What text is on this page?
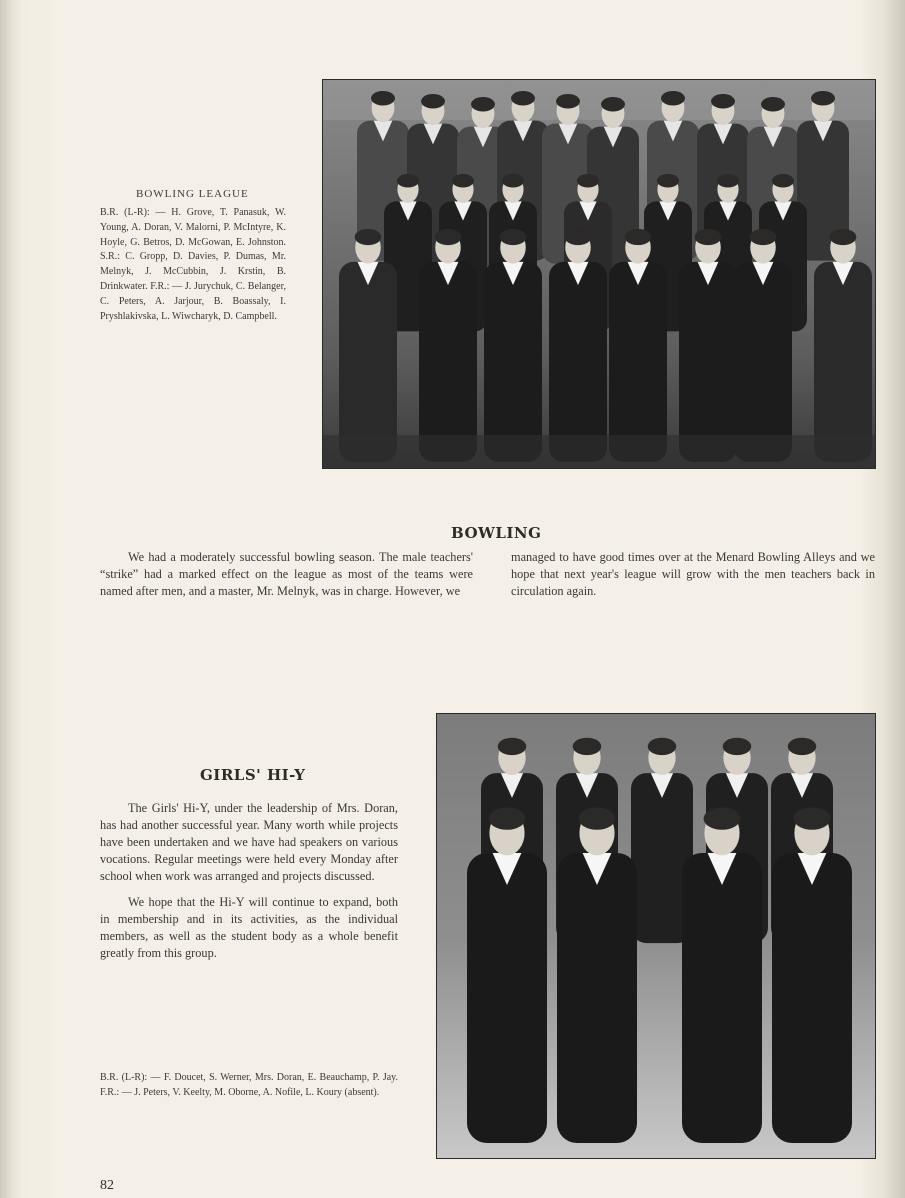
BOWLING LEAGUE
B.R. (L-R): — H. Grove, T. Panasuk, W. Young, A. Doran, V. Malorni, P. McIntyre, K. Hoyle, G. Betros, D. McGowan, E. Johnston. S.R.: C. Gropp, D. Davies, P. Dumas, Mr. Melnyk, J. McCubbin, J. Krstin, B. Drinkwater. F.R.: — J. Jurychuk, C. Belanger, C. Peters, A. Jarjour, B. Boassaly, I. Pryshlakivska, L. Wiwcharyk, D. Campbell.
BOWLING

We had a moderately successful bowling season. The male teachers' “strike” had a marked effect on the league as most of the teams were named after men, and a master, Mr. Melnyk, was in charge. However, we

managed to have good times over at the Menard Bowling Alleys and we hope that next year's league will grow with the men teachers back in circulation again.

GIRLS' HI-Y

The Girls' Hi-Y, under the leadership of Mrs. Doran, has had another successful year. Many worth while projects have been undertaken and we have had speakers on various vocations. Regular meetings were held every Monday after school when work was arranged and projects discussed.

We hope that the Hi-Y will continue to expand, both in membership and in its activities, as the individual members, as well as the student body as a whole benefit greatly from this group.

B.R. (L-R): — F. Doucet, S. Werner, Mrs. Doran, E. Beauchamp, P. Jay. F.R.: — J. Peters, V. Keelty, M. Oborne, A. Nofile, L. Koury (absent).
82
